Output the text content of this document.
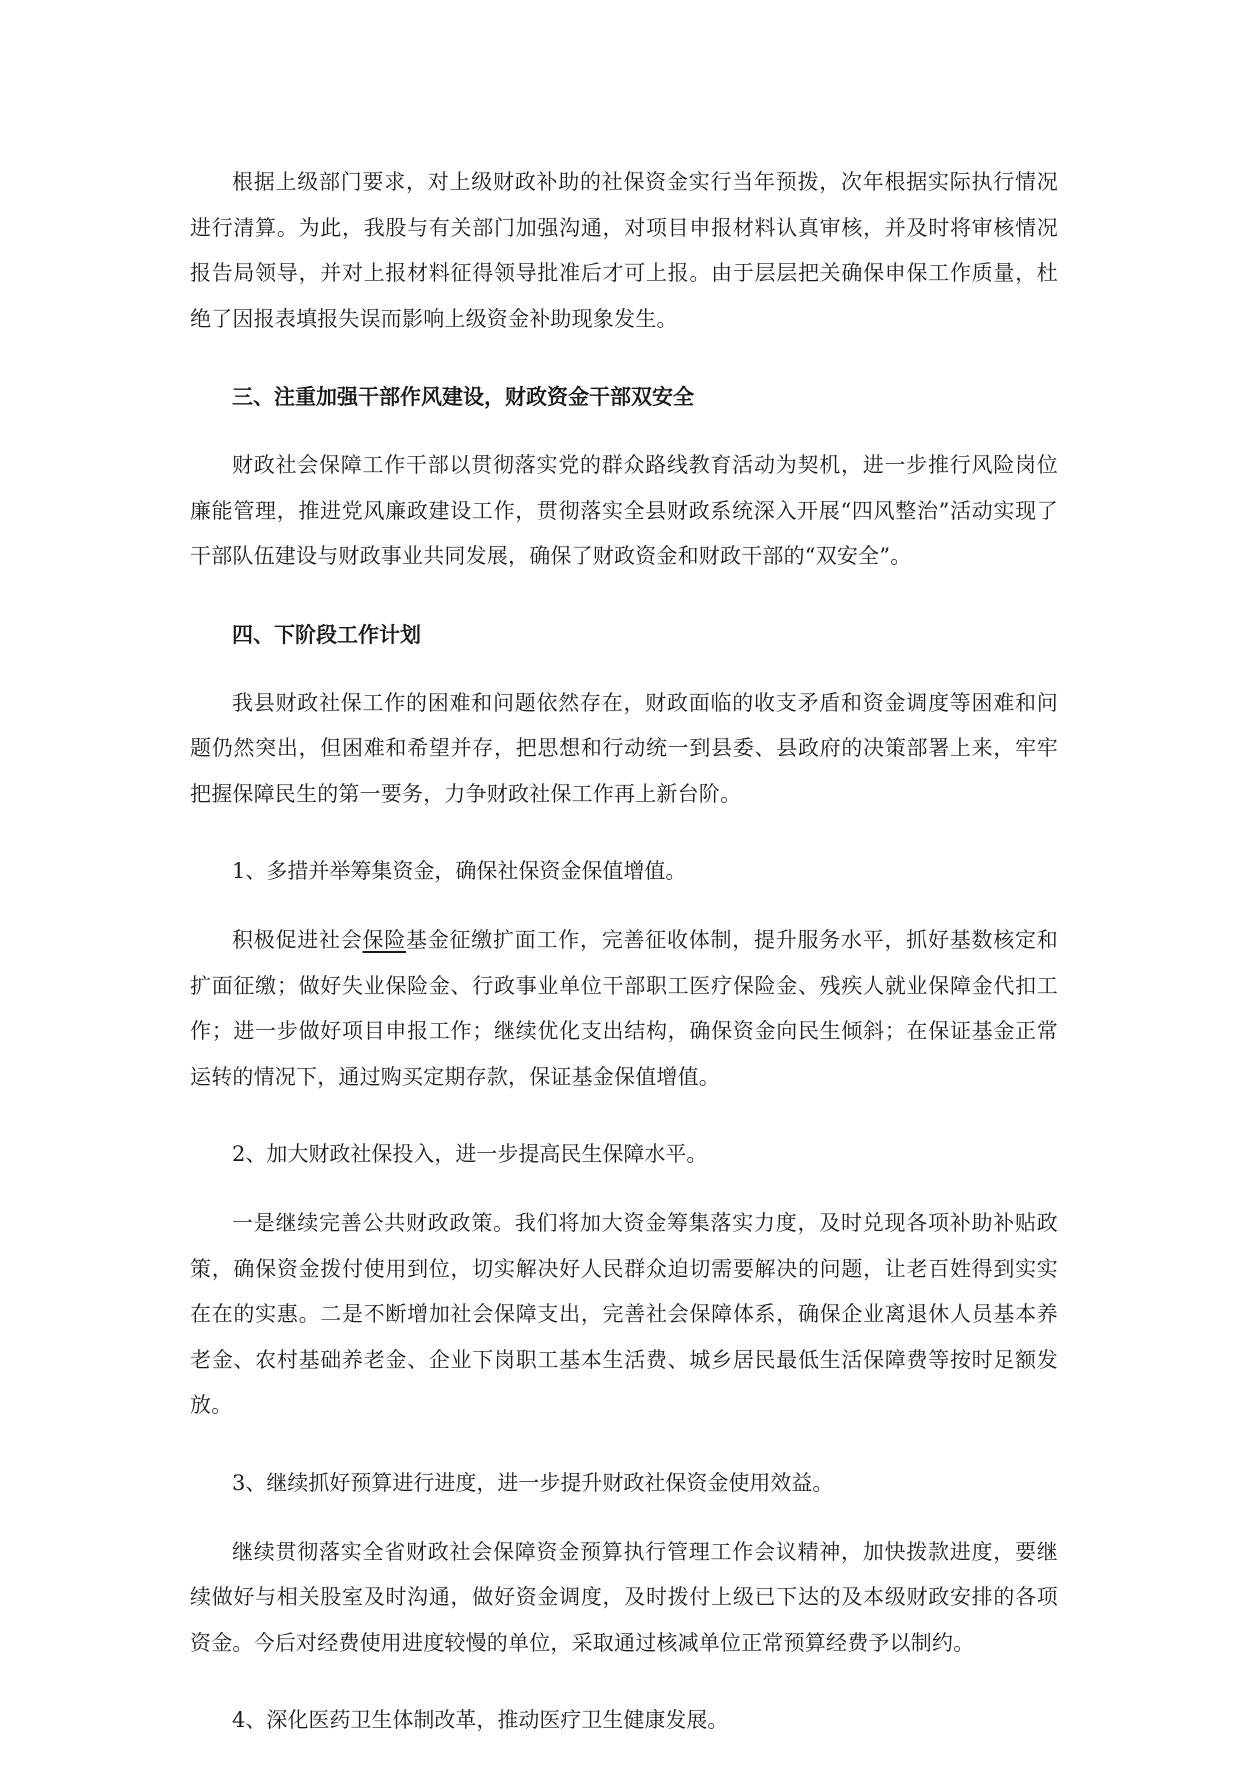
根据上级部门要求，对上级财政补助的社保资金实行当年预拨，次年根据实际执行情况进行清算。为此，我股与有关部门加强沟通，对项目申报材料认真审核，并及时将审核情况报告局领导，并对上报材料征得领导批准后才可上报。由于层层把关确保申保工作质量，杜绝了因报表填报失误而影响上级资金补助现象发生。

三、注重加强干部作风建设，财政资金干部双安全

财政社会保障工作干部以贯彻落实党的群众路线教育活动为契机，进一步推行风险岗位廉能管理，推进党风廉政建设工作，贯彻落实全县财政系统深入开展“四风整治”活动实现了干部队伍建设与财政事业共同发展，确保了财政资金和财政干部的“双安全”。

四、下阶段工作计划

我县财政社保工作的困难和问题依然存在，财政面临的收支矛盾和资金调度等困难和问题仍然突出，但困难和希望并存，把思想和行动统一到县委、县政府的决策部署上来，牢牢把握保障民生的第一要务，力争财政社保工作再上新台阶。

1、多措并举筹集资金，确保社保资金保值增值。

积极促进社会保险基金征缴扩面工作，完善征收体制，提升服务水平，抓好基数核定和扩面征缴；做好失业保险金、行政事业单位干部职工医疗保险金、残疾人就业保障金代扣工作；进一步做好项目申报工作；继续优化支出结构，确保资金向民生倾斜；在保证基金正常运转的情况下，通过购买定期存款，保证基金保值增值。

2、加大财政社保投入，进一步提高民生保障水平。

一是继续完善公共财政政策。我们将加大资金筹集落实力度，及时兑现各项补助补贴政策，确保资金拨付使用到位，切实解决好人民群众迫切需要解决的问题，让老百姓得到实实在在的实惠。二是不断增加社会保障支出，完善社会保障体系，确保企业离退休人员基本养老金、农村基础养老金、企业下岗职工基本生活费、城乡居民最低生活保障费等按时足额发放。

3、继续抓好预算进行进度，进一步提升财政社保资金使用效益。

继续贯彻落实全省财政社会保障资金预算执行管理工作会议精神，加快拨款进度，要继续做好与相关股室及时沟通，做好资金调度，及时拨付上级已下达的及本级财政安排的各项资金。今后对经费使用进度较慢的单位，采取通过核减单位正常预算经费予以制约。

4、深化医药卫生体制改革，推动医疗卫生健康发展。
